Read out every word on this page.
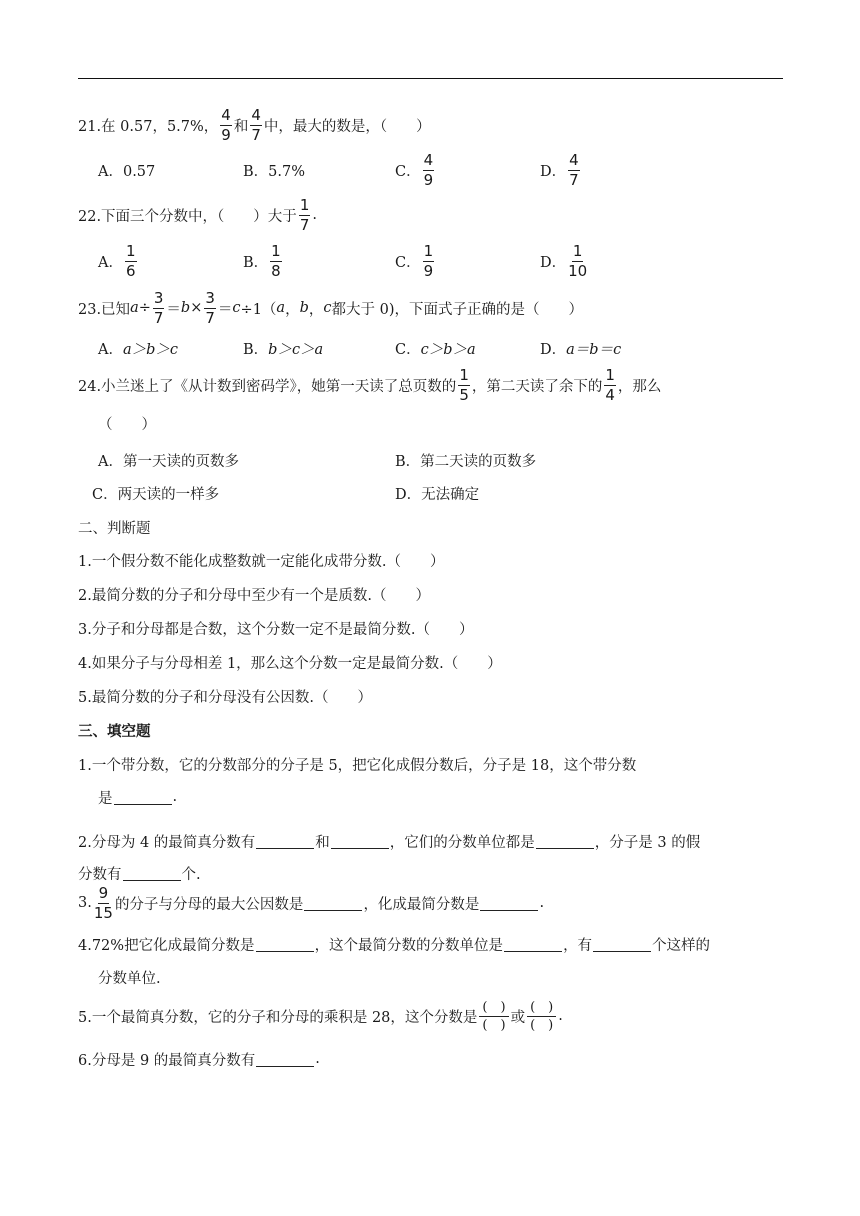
21.在 0.57，5.7%， $\frac{4}{9}$ 和 $\frac{4}{7}$ 中，最大的数是，（　　）
A．0.57	B．5.7%	C． $\frac{4}{9}$	D． $\frac{4}{7}$
22.下面三个分数中，（　　）大于 $\frac{1}{7}$ .
A． $\frac{1}{6}$	B． $\frac{1}{8}$	C． $\frac{1}{9}$	D． $\frac{1}{10}$
23.已知 $a \div \frac{3}{7} = b \times \frac{3}{7} = c \div 1$（ a ， b ， c 都大于 0)，下面式子正确的是（　　）
A． a＞b＞c	B． b＞c＞a	C． c＞b＞a	D． a＝b＝c
24.小兰迷上了《从计数到密码学》，她第一天读了总页数的 $\frac{1}{5}$ ，第二天读了余下的 $\frac{1}{4}$ ，那么
（　　）
A．第一天读的页数多	B．第二天读的页数多
C．两天读的一样多	D．无法确定
二、判断题
1.一个假分数不能化成整数就一定能化成带分数.（　　）
2.最简分数的分子和分母中至少有一个是质数.（　　）
3.分子和分母都是合数，这个分数一定不是最简分数.（　　）
4.如果分子与分母相差 1，那么这个分数一定是最简分数.（　　）
5.最简分数的分子和分母没有公因数.（　　）
三、填空题
1.一个带分数，它的分数部分的分子是 5，把它化成假分数后，分子是 18，这个带分数
是	.
2.分母为 4 的最简真分数有	和	，它们的分数单位都是	，分子是 3 的假
分数有	个.
3. $\frac{9}{15}$ 的分子与分母的最大公因数是	，化成最简分数是	.
4.72%把它化成最简分数是	，这个最简分数的分数单位是	，有	个这样的
分数单位.
5.一个最简真分数，它的分子和分母的乘积是 28，这个分数是 $\frac{( )}{( )}$ 或 $\frac{( )}{( )}$ .
6.分母是 9 的最简真分数有	.
